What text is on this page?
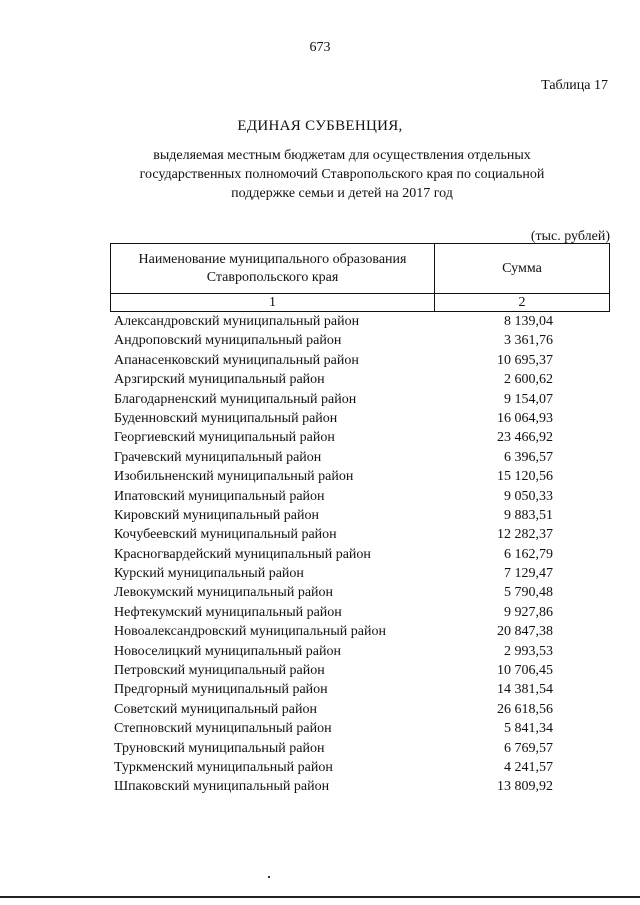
673
Таблица 17
ЕДИНАЯ СУБВЕНЦИЯ,
выделяемая местным бюджетам для осуществления отдельных государственных полномочий Ставропольского края по социальной поддержке семьи и детей на 2017 год
(тыс. рублей)
Наименование муниципального образования Ставропольского края	Сумма
1	2
Александровский муниципальный район	8 139,04
Андроповский муниципальный район	3 361,76
Апанасенковский муниципальный район	10 695,37
Арзгирский муниципальный район	2 600,62
Благодарненский муниципальный район	9 154,07
Буденновский муниципальный район	16 064,93
Георгиевский муниципальный район	23 466,92
Грачевский муниципальный район	6 396,57
Изобильненский муниципальный район	15 120,56
Ипатовский муниципальный район	9 050,33
Кировский муниципальный район	9 883,51
Кочубеевский муниципальный район	12 282,37
Красногвардейский муниципальный район	6 162,79
Курский муниципальный район	7 129,47
Левокумский муниципальный район	5 790,48
Нефтекумский муниципальный район	9 927,86
Новоалександровский муниципальный район	20 847,38
Новоселицкий муниципальный район	2 993,53
Петровский муниципальный район	10 706,45
Предгорный муниципальный район	14 381,54
Советский муниципальный район	26 618,56
Степновский муниципальный район	5 841,34
Труновский муниципальный район	6 769,57
Туркменский муниципальный район	4 241,57
Шпаковский муниципальный район	13 809,92
